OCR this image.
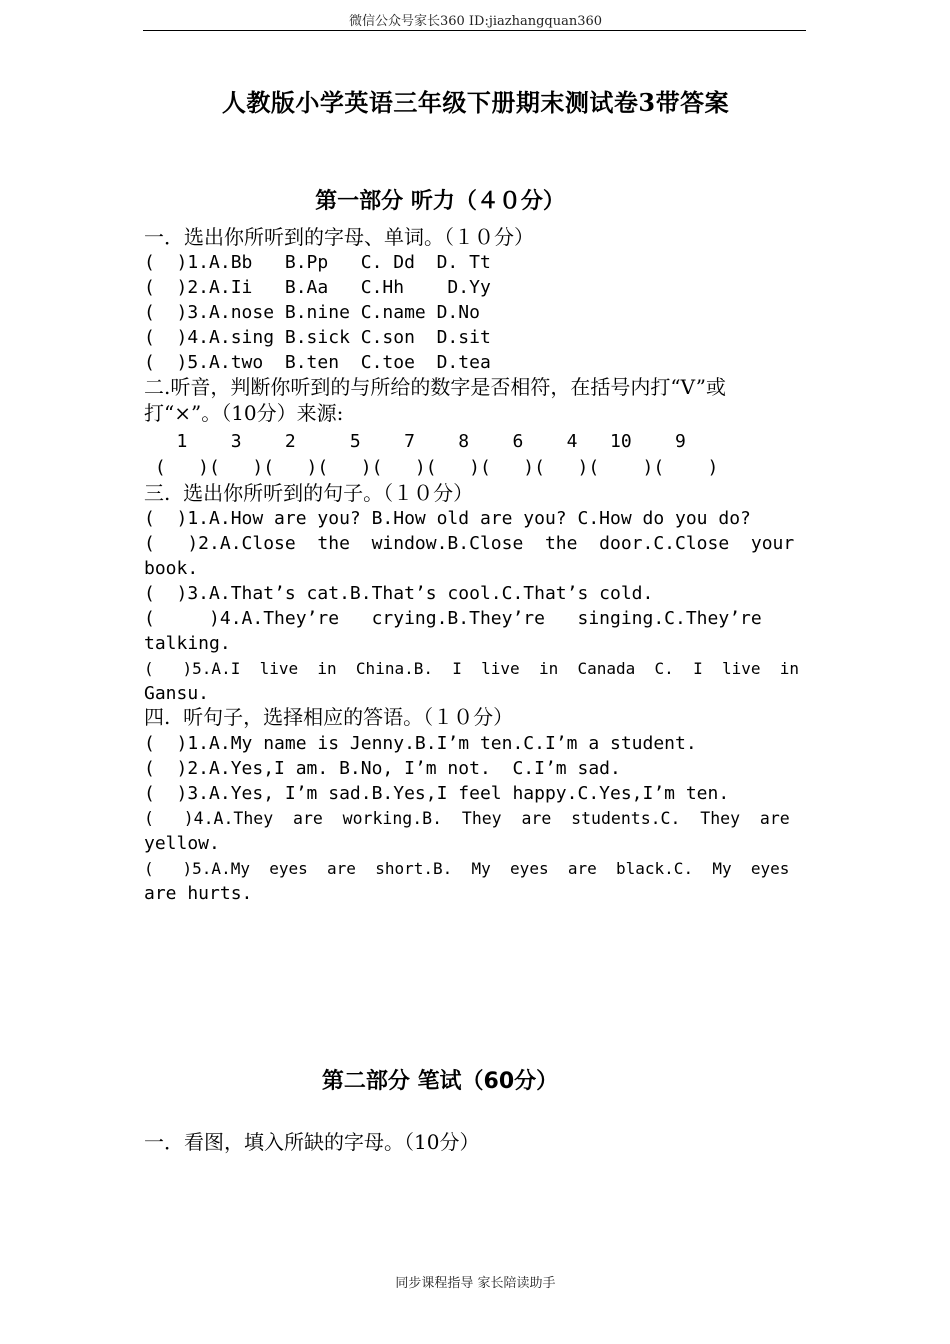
微信公众号家长360 ID:jiazhangquan360
人教版小学英语三年级下册期末测试卷3带答案
第一部分 听力（４０分）
一．选出你所听到的字母、单词。（１０分）
(  )1.A.Bb   B.Pp   C. Dd  D. Tt
(  )2.A.Ii   B.Aa   C.Hh    D.Yy
(  )3.A.nose B.nine C.name D.No
(  )4.A.sing B.sick C.son  D.sit
(  )5.A.two  B.ten  C.toe  D.tea
二.听音，判断你听到的与所给的数字是否相符，在括号内打“V”或
打“×”。（10分）来源:
1    3    2     5    7    8    6    4   10    9
(   )(   )(   )(   )(   )(   )(   )(   )(    )(    )
三.  选出你所听到的句子。（１０分）
(  )1.A.How are you? B.How old are you? C.How do you do?
(   )2.A.Close  the  window.B.Close  the  door.C.Close  your
book.
(  )3.A.That’s cat.B.That’s cool.C.That’s cold.
(     )4.A.They’re   crying.B.They’re   singing.C.They’re
talking.
(   )5.A.I  live  in  China.B.  I  live  in  Canada  C.  I  live  in
Gansu.
四.  听句子，选择相应的答语。（１０分）
(  )1.A.My name is Jenny.B.I’m ten.C.I’m a student.
(  )2.A.Yes,I am. B.No, I’m not.  C.I’m sad.
(  )3.A.Yes, I’m sad.B.Yes,I feel happy.C.Yes,I’m ten.
(   )4.A.They  are  working.B.  They  are  students.C.  They  are
yellow.
(   )5.A.My  eyes  are  short.B.  My  eyes  are  black.C.  My  eyes
are hurts.
第二部分 笔试（60分）
一．看图，填入所缺的字母。（10分）
同步课程指导 家长陪读助手
